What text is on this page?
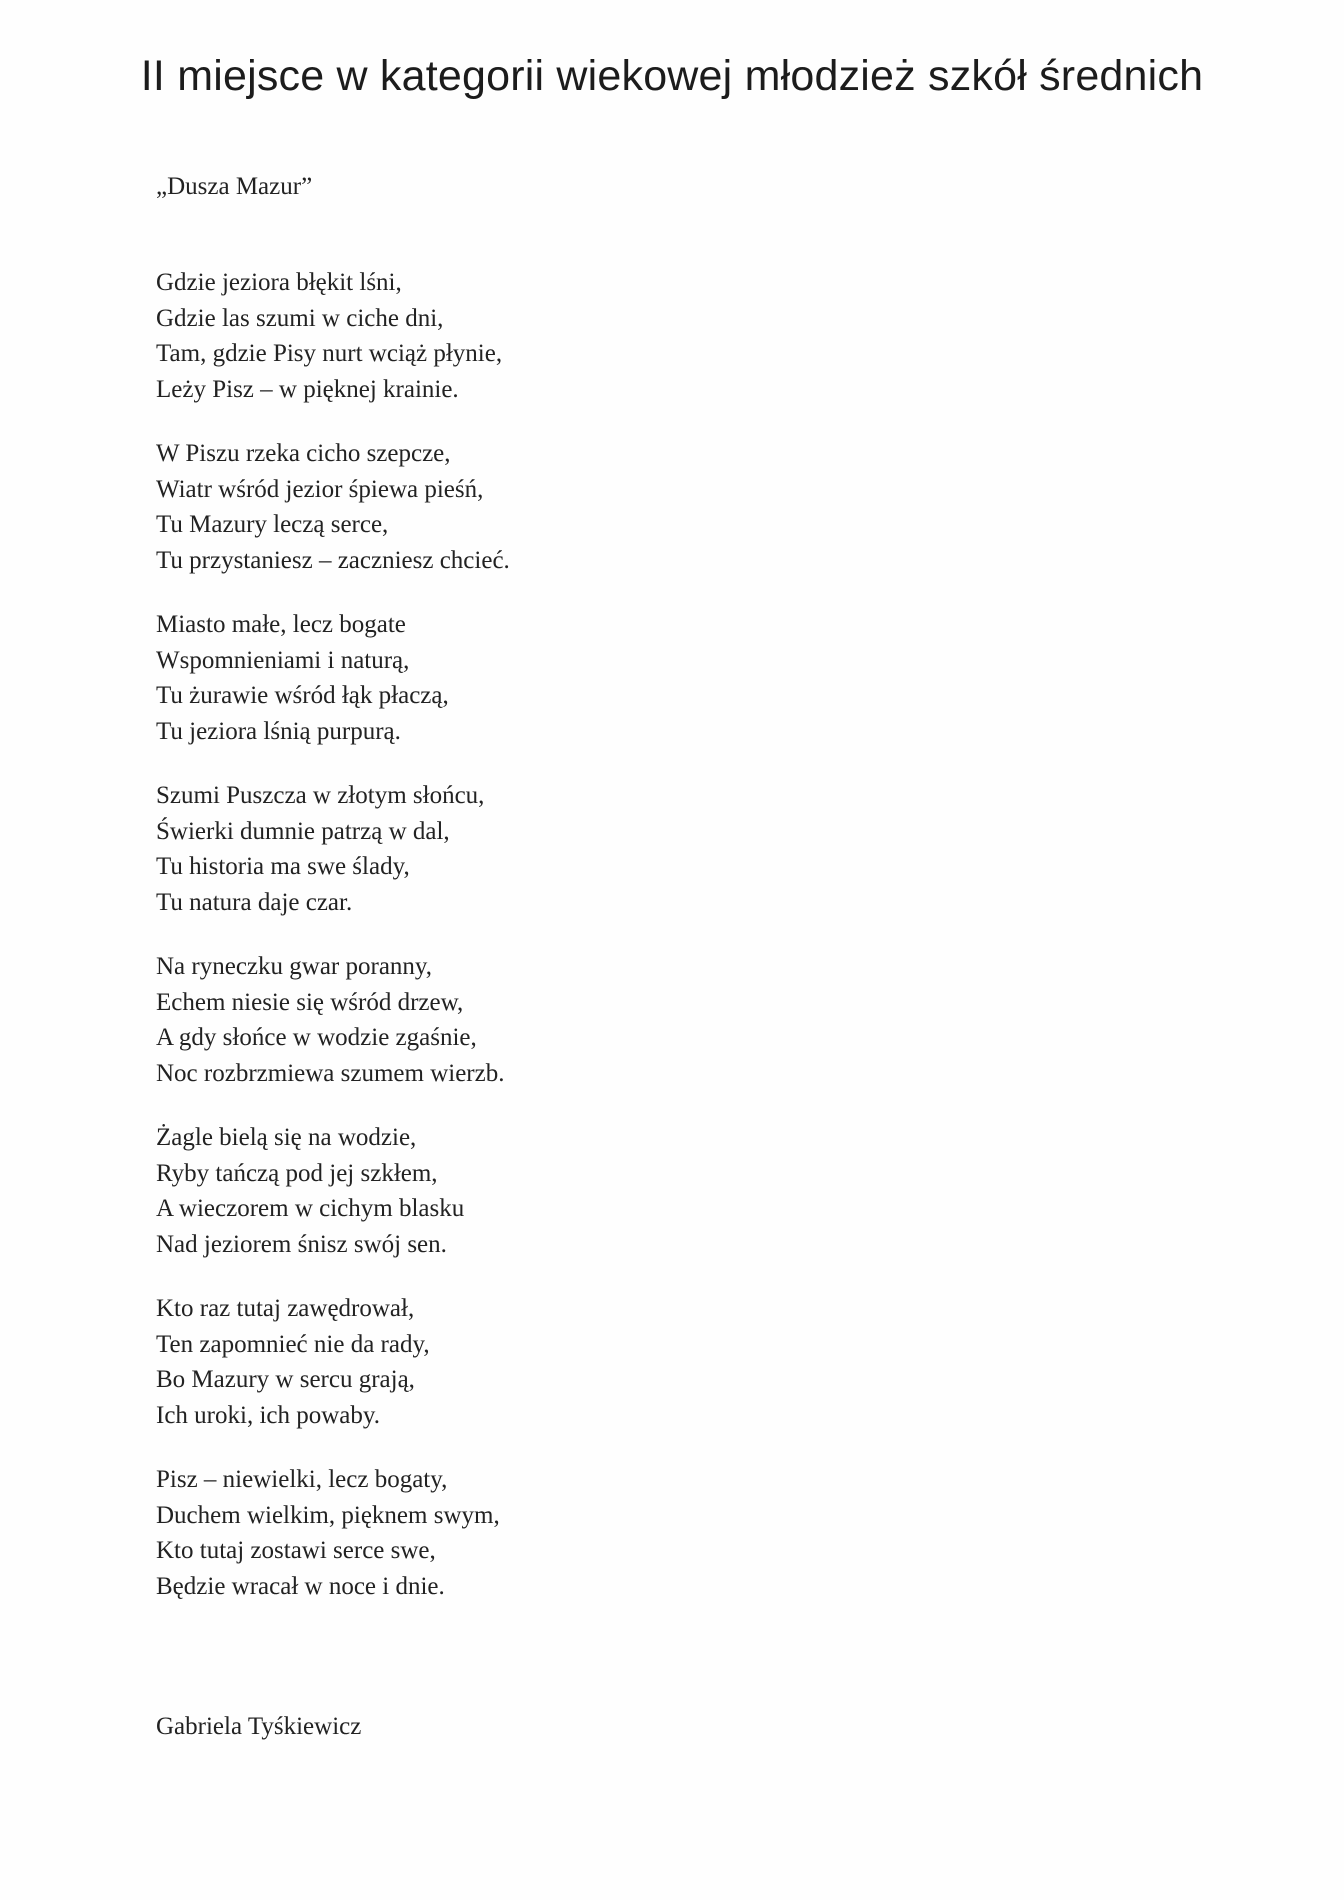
II miejsce w kategorii wiekowej młodzież szkół średnich

„Dusza Mazur”

Gdzie jeziora błękit lśni,
Gdzie las szumi w ciche dni,
Tam, gdzie Pisy nurt wciąż płynie,
Leży Pisz – w pięknej krainie.

W Piszu rzeka cicho szepcze,
Wiatr wśród jezior śpiewa pieśń,
Tu Mazury leczą serce,
Tu przystaniesz – zaczniesz chcieć.

Miasto małe, lecz bogate
Wspomnieniami i naturą,
Tu żurawie wśród łąk płaczą,
Tu jeziora lśnią purpurą.

Szumi Puszcza w złotym słońcu,
Świerki dumnie patrzą w dal,
Tu historia ma swe ślady,
Tu natura daje czar.

Na ryneczku gwar poranny,
Echem niesie się wśród drzew,
A gdy słońce w wodzie zgaśnie,
Noc rozbrzmiewa szumem wierzb.

Żagle bielą się na wodzie,
Ryby tańczą pod jej szkłem,
A wieczorem w cichym blasku
Nad jeziorem śnisz swój sen.

Kto raz tutaj zawędrował,
Ten zapomnieć nie da rady,
Bo Mazury w sercu grają,
Ich uroki, ich powaby.

Pisz – niewielki, lecz bogaty,
Duchem wielkim, pięknem swym,
Kto tutaj zostawi serce swe,
Będzie wracał w noce i dnie.

Gabriela Tyśkiewicz
